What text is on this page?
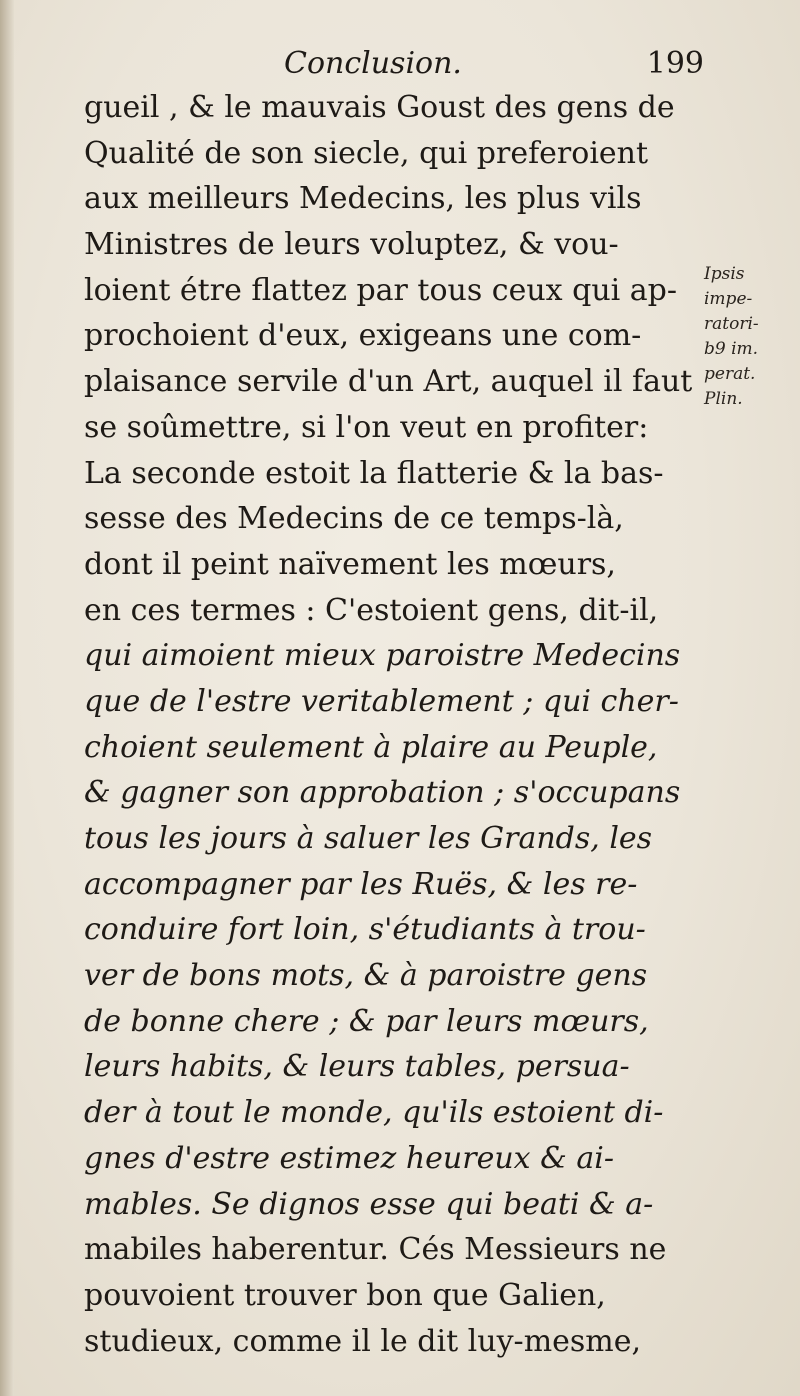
Conclusion.	199
gueil , & le mauvais Goust des gens de
Qualité de son siecle, qui preferoient
aux meilleurs Medecins, les plus vils
Ministres de leurs voluptez, & vou-
loient étre flattez par tous ceux qui ap-
prochoient d'eux, exigeans une com-
plaisance servile d'un Art, auquel il faut
se soûmettre, si l'on veut en profiter:
La seconde estoit la flatterie & la bas-
sesse des Medecins de ce temps-là,
dont il peint naïvement les mœurs,
en ces termes : C'estoient gens, dit-il,
qui aimoient mieux paroistre Medecins
que de l'estre veritablement ; qui cher-
choient seulement à plaire au Peuple,
& gagner son approbation ; s'occupans
tous les jours à saluer les Grands, les
accompagner par les Ruës, & les re-
conduire fort loin, s'étudiants à trou-
ver de bons mots, & à paroistre gens
de bonne chere ; & par leurs mœurs,
leurs habits, & leurs tables, persua-
der à tout le monde, qu'ils estoient di-
gnes d'estre estimez heureux & ai-
mables. Se dignos esse qui beati & a-
mabiles haberentur. Cés Messieurs ne
pouvoient trouver bon que Galien,
studieux, comme il le dit luy-mesme,
Ipsis
impe-
ratori-
b9 im.
perat.
Plin.
